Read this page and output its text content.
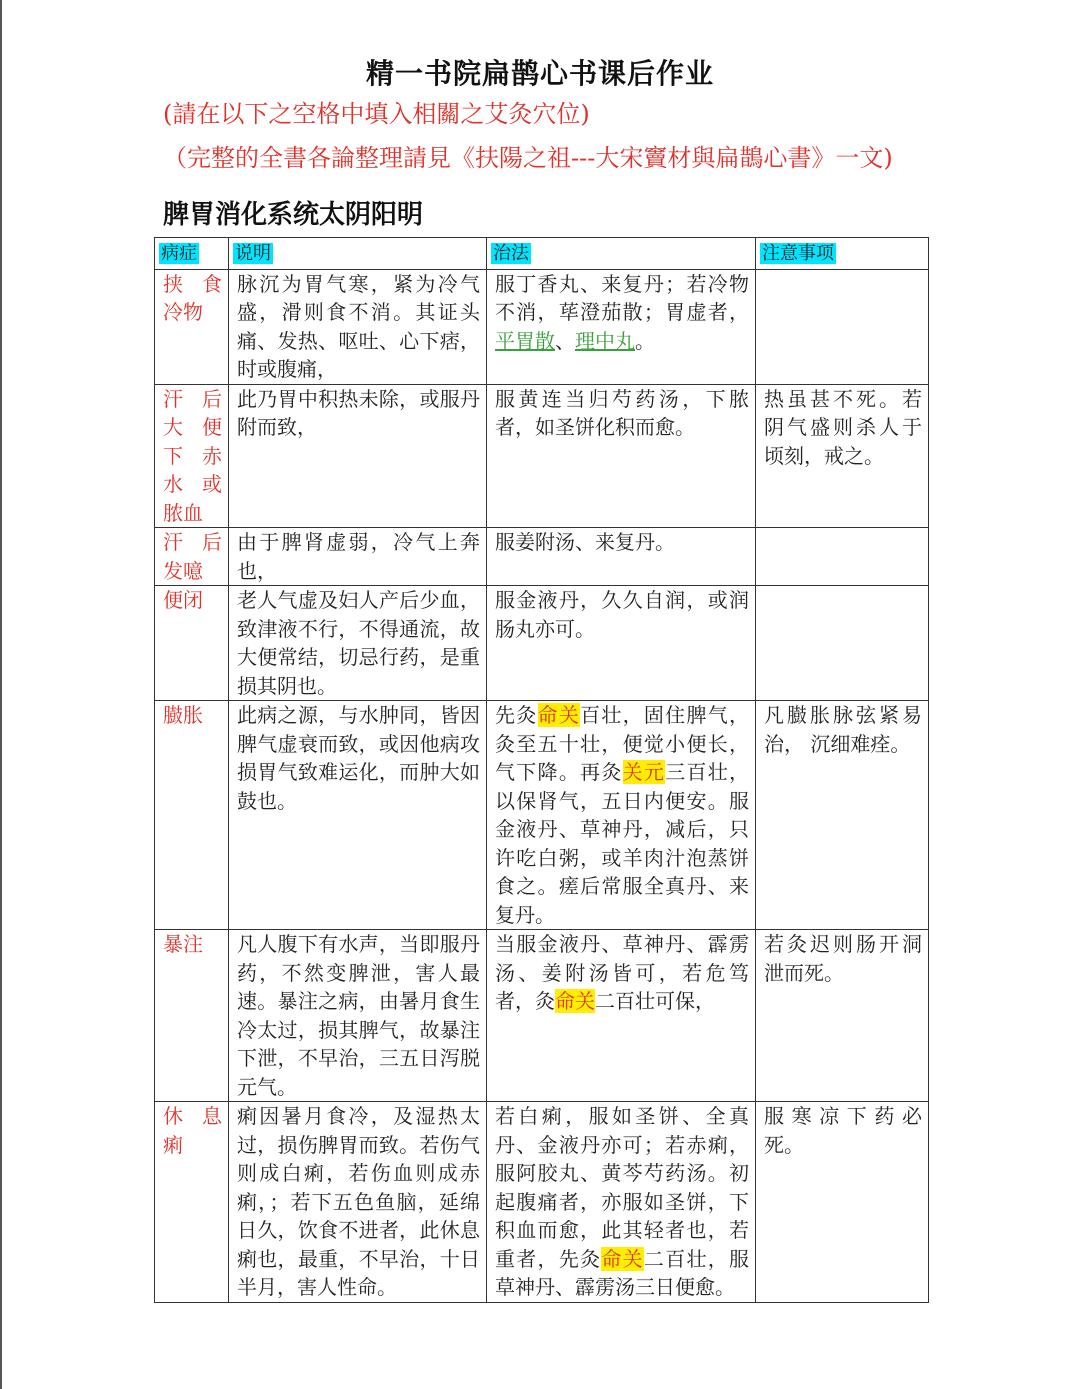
精一书院扁鹊心书课后作业
(請在以下之空格中填入相關之艾灸穴位)
（完整的全書各論整理請見《扶陽之祖---大宋竇材與扁鵲心書》一文)
脾胃消化系统太阴阳明
病症	说明	治法	注意事项
挟食冷物	脉沉为胃气寒，紧为冷气盛，滑则食不消。其证头痛、发热、呕吐、心下痞，时或腹痛，	服丁香丸、来复丹；若冷物不消，荜澄茄散；胃虚者，平胃散、理中丸。	
汗后大便下赤水或脓血	此乃胃中积热未除，或服丹附而致，	服黄连当归芍药汤，下脓者，如圣饼化积而愈。	热虽甚不死。若阴气盛则杀人于顷刻，戒之。
汗后发噫	由于脾肾虚弱，冷气上奔也，	服姜附汤、来复丹。	
便闭	老人气虚及妇人产后少血，致津液不行，不得通流，故大便常结，切忌行药，是重损其阴也。	服金液丹，久久自润，或润肠丸亦可。	
臌胀	此病之源，与水肿同，皆因脾气虚衰而致，或因他病攻损胃气致难运化，而肿大如鼓也。	先灸命关百壮，固住脾气，灸至五十壮，便觉小便长，气下降。再灸关元三百壮，以保肾气，五日内便安。服金液丹、草神丹，减后，只许吃白粥，或羊肉汁泡蒸饼食之。瘥后常服全真丹、来复丹。	凡臌胀脉弦紧易治， 沉细难痊。
暴注	凡人腹下有水声，当即服丹药，不然变脾泄，害人最速。暴注之病，由暑月食生冷太过，损其脾气，故暴注下泄，不早治，三五日泻脱元气。	当服金液丹、草神丹、霹雳汤、姜附汤皆可，若危笃者，灸命关二百壮可保，	若灸迟则肠开洞泄而死。
休息痢	痢因暑月食冷，及湿热太过，损伤脾胃而致。若伤气则成白痢，若伤血则成赤痢，；若下五色鱼脑，延绵日久，饮食不进者，此休息痢也，最重，不早治，十日半月，害人性命。	若白痢，服如圣饼、全真丹、金液丹亦可；若赤痢，服阿胶丸、黄芩芍药汤。初起腹痛者，亦服如圣饼，下积血而愈，此其轻者也，若重者，先灸命关二百壮，服草神丹、霹雳汤三日便愈。	服寒凉下药必死。
